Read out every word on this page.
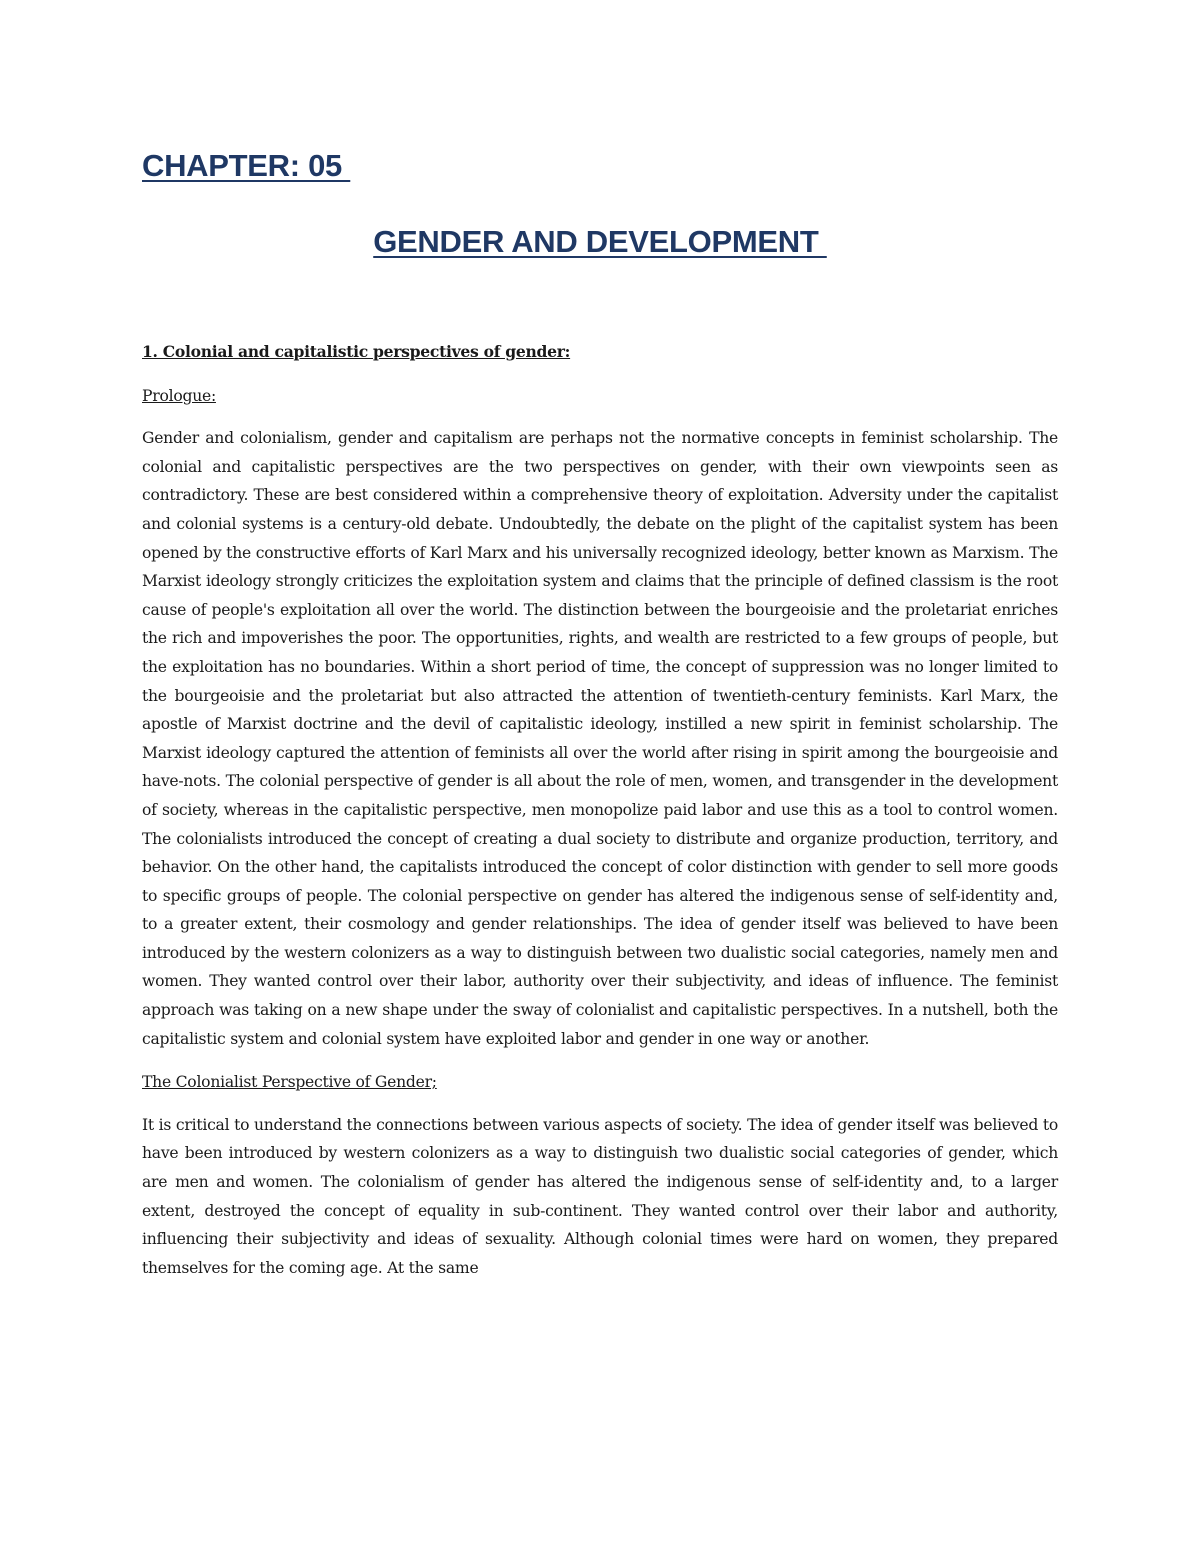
CHAPTER: 05
GENDER AND DEVELOPMENT

1. Colonial and capitalistic perspectives of gender:

Prologue:

Gender and colonialism, gender and capitalism are perhaps not the normative concepts in feminist scholarship. The colonial and capitalistic perspectives are the two perspectives on gender, with their own viewpoints seen as contradictory. These are best considered within a comprehensive theory of exploitation. Adversity under the capitalist and colonial systems is a century-old debate. Undoubtedly, the debate on the plight of the capitalist system has been opened by the constructive efforts of Karl Marx and his universally recognized ideology, better known as Marxism. The Marxist ideology strongly criticizes the exploitation system and claims that the principle of defined classism is the root cause of people's exploitation all over the world. The distinction between the bourgeoisie and the proletariat enriches the rich and impoverishes the poor. The opportunities, rights, and wealth are restricted to a few groups of people, but the exploitation has no boundaries. Within a short period of time, the concept of suppression was no longer limited to the bourgeoisie and the proletariat but also attracted the attention of twentieth-century feminists. Karl Marx, the apostle of Marxist doctrine and the devil of capitalistic ideology, instilled a new spirit in feminist scholarship. The Marxist ideology captured the attention of feminists all over the world after rising in spirit among the bourgeoisie and have-nots. The colonial perspective of gender is all about the role of men, women, and transgender in the development of society, whereas in the capitalistic perspective, men monopolize paid labor and use this as a tool to control women. The colonialists introduced the concept of creating a dual society to distribute and organize production, territory, and behavior. On the other hand, the capitalists introduced the concept of color distinction with gender to sell more goods to specific groups of people. The colonial perspective on gender has altered the indigenous sense of self-identity and, to a greater extent, their cosmology and gender relationships. The idea of gender itself was believed to have been introduced by the western colonizers as a way to distinguish between two dualistic social categories, namely men and women. They wanted control over their labor, authority over their subjectivity, and ideas of influence. The feminist approach was taking on a new shape under the sway of colonialist and capitalistic perspectives. In a nutshell, both the capitalistic system and colonial system have exploited labor and gender in one way or another.

The Colonialist Perspective of Gender;

It is critical to understand the connections between various aspects of society. The idea of gender itself was believed to have been introduced by western colonizers as a way to distinguish two dualistic social categories of gender, which are men and women. The colonialism of gender has altered the indigenous sense of self-identity and, to a larger extent, destroyed the concept of equality in sub-continent. They wanted control over their labor and authority, influencing their subjectivity and ideas of sexuality. Although colonial times were hard on women, they prepared themselves for the coming age. At the same
